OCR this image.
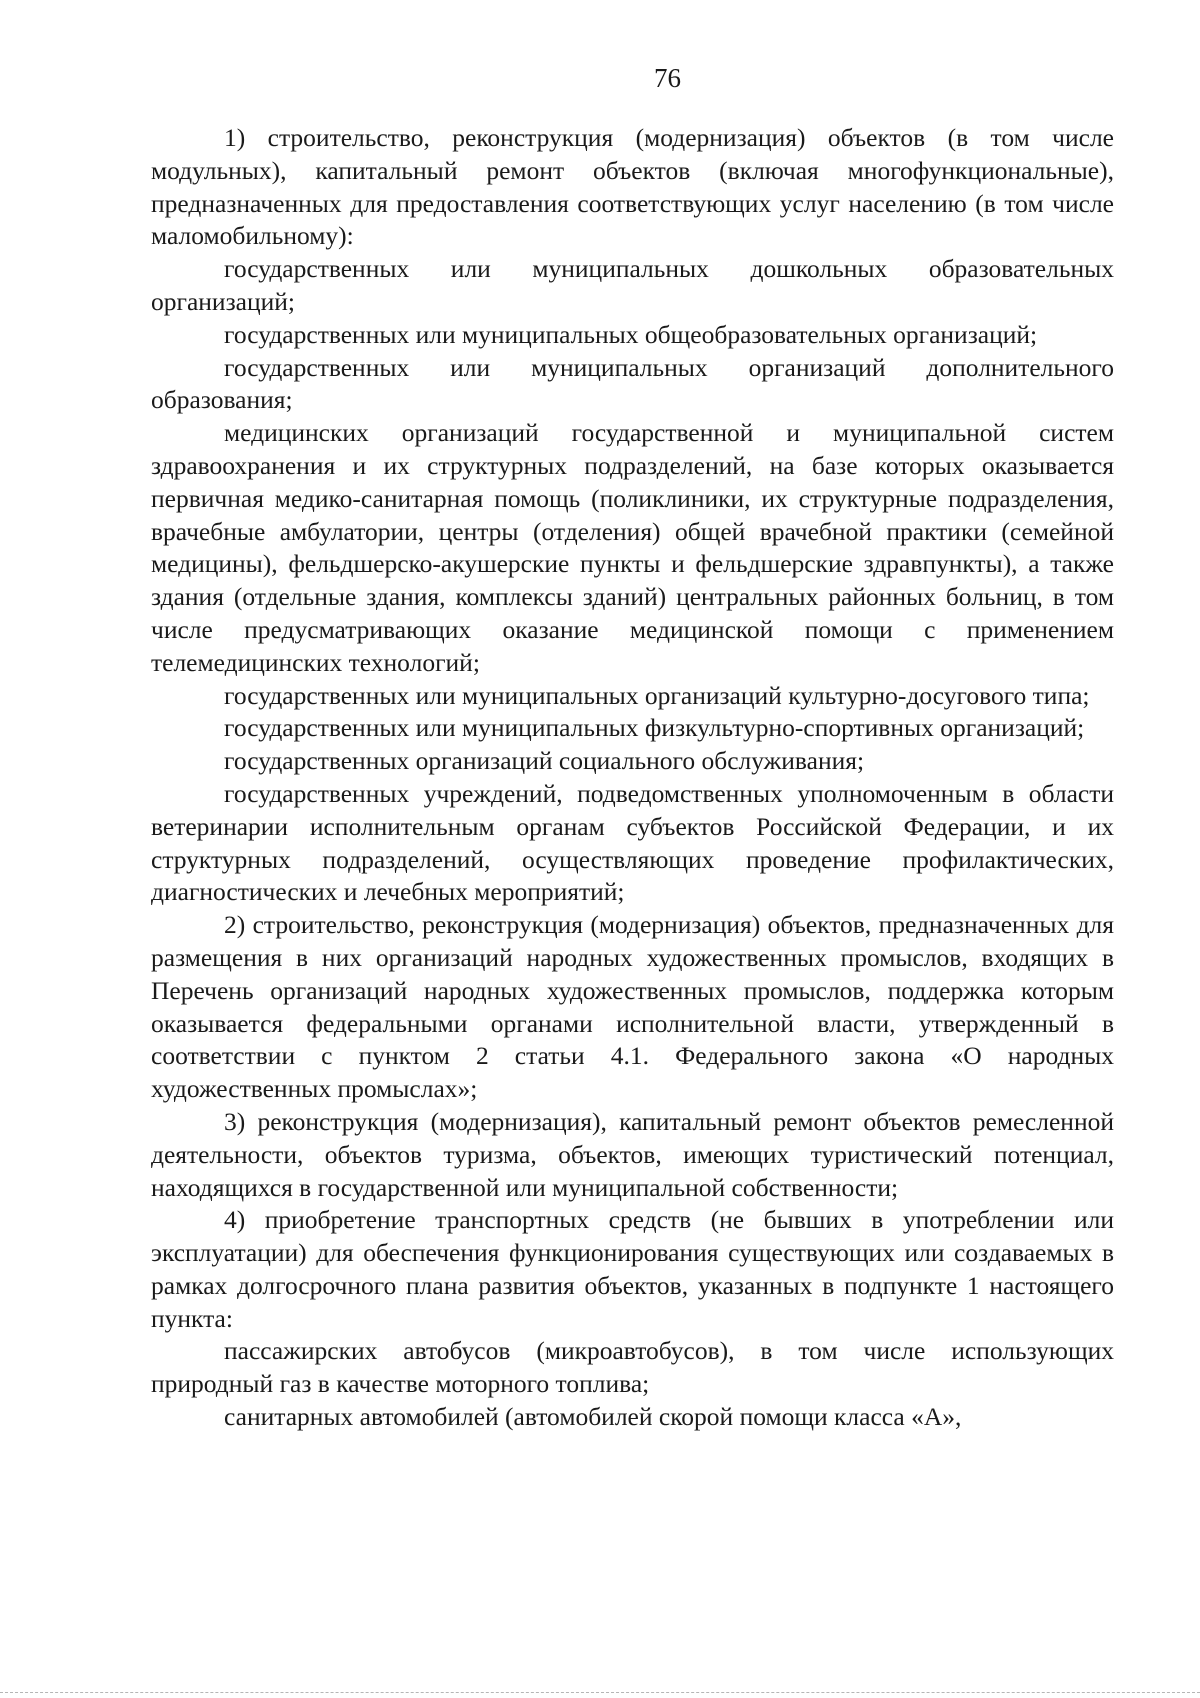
76

1) строительство, реконструкция (модернизация) объектов (в том числе модульных), капитальный ремонт объектов (включая многофункциональные), предназначенных для предоставления соответствующих услуг населению (в том числе маломобильному):

государственных или муниципальных дошкольных образовательных организаций;

государственных или муниципальных общеобразовательных организаций;

государственных или муниципальных организаций дополнительного образования;

медицинских организаций государственной и муниципальной систем здравоохранения и их структурных подразделений, на базе которых оказывается первичная медико-санитарная помощь (поликлиники, их структурные подразделения, врачебные амбулатории, центры (отделения) общей врачебной практики (семейной медицины), фельдшерско-акушерские пункты и фельдшерские здравпункты), а также здания (отдельные здания, комплексы зданий) центральных районных больниц, в том числе предусматривающих оказание медицинской помощи с применением телемедицинских технологий;

государственных или муниципальных организаций культурно-досугового типа;

государственных или муниципальных физкультурно-спортивных организаций;

государственных организаций социального обслуживания;

государственных учреждений, подведомственных уполномоченным в области ветеринарии исполнительным органам субъектов Российской Федерации, и их структурных подразделений, осуществляющих проведение профилактических, диагностических и лечебных мероприятий;

2) строительство, реконструкция (модернизация) объектов, предназначенных для размещения в них организаций народных художественных промыслов, входящих в Перечень организаций народных художественных промыслов, поддержка которым оказывается федеральными органами исполнительной власти, утвержденный в соответствии с пунктом 2 статьи 4.1. Федерального закона «О народных художественных промыслах»;

3) реконструкция (модернизация), капитальный ремонт объектов ремесленной деятельности, объектов туризма, объектов, имеющих туристический потенциал, находящихся в государственной или муниципальной собственности;

4) приобретение транспортных средств (не бывших в употреблении или эксплуатации) для обеспечения функционирования существующих или создаваемых в рамках долгосрочного плана развития объектов, указанных в подпункте 1 настоящего пункта:

пассажирских автобусов (микроавтобусов), в том числе использующих природный газ в качестве моторного топлива;

санитарных автомобилей (автомобилей скорой помощи класса «А»,
